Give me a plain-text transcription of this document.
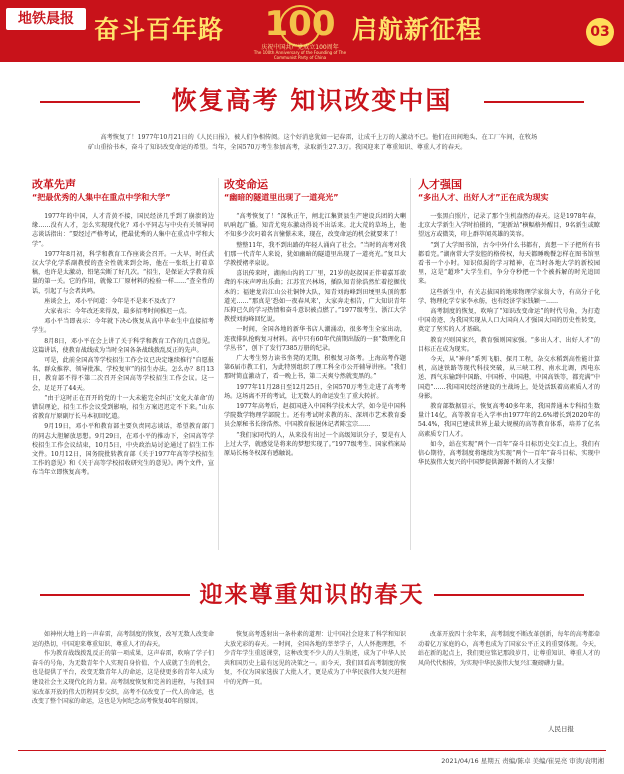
地铁晨报 奋斗百年路	100
庆祝中国共产党成立100周年
The 100th Anniversary of the Founding of The Communist Party of China
启航新征程	03
恢复高考 知识改变中国
高考恢复了！1977年10月21日的《人民日报》，被人们争相传阅。这个好消息犹如一记春雷，让成千上万的人激动不已。他们在田间地头、在工厂车间，在牧场矿山重拾书本，奋斗了知识改变命运的希望。当年，全国570万考生参加高考，录取新生27.3万。我国迎来了尊重知识、尊重人才的春天。
改革先声

“把最优秀的人集中在重点中学和大学”

1977年的中国，人才青黄不接，国民经济几乎到了崩溃的边缘……没有人才，怎么实现现代化？邓小平同志与中央有关领导同志谈话指出：“要经过严格考试，把最优秀的人集中在重点中学和大学”。

1977年8月初，科学和教育工作座谈会召开。一大早，时任武汉大学化学系副教授的查全性就来到会场，他在一张纸上打着草稿，也许是太激动，铅笔尖断了好几次。“招生，是保证大学教育质量的第一关。它的作用，就像工厂原材料的检验一样……”查全性的话，引起了与会者共鸣。

座谈会上，邓小平问道：今年是不是来不及改了？

大家表示：今年改还来得及，最多招考时间推迟一点。

邓小平当即表示：今年就下决心恢复从高中毕业生中直接招考学生。

8月8日，邓小平在会上讲了关于科学和教育工作的几点意见。这篇讲话，使教育战线成为当时全国各条战线拨乱反正的先声。

可是，此前全国高等学校招生工作会议已决定继续推行“自愿报名、群众推荐、领导批准、学校复审”的招生办法。怎么办？8月13日，教育部不得不第二次召开全国高等学校招生工作会议。这一会，足足开了44天。

“由于这时正在召开的党的十一大未能完全纠正‘文化大革命’的错误理论，招生工作会议受到影响，招生方案迟迟定不下来。”山东省教育厅原副厅长马本初回忆道。

9月19日，邓小平和教育部主要负责同志谈话，希望教育部门的同志大胆解放思想。9月29日，在邓小平的推动下，全国高等学校招生工作会议结束，10月5日，中央政治局讨论通过了招生工作文件。10月12日，国务院批转教育部《关于1977年高等学校招生工作的意见》和《关于高等学校招收研究生的意见》。两个文件，宣布当年立即恢复高考。

改变命运

“幽暗的隧道里出现了一道亮光”

“高考恢复了！”深秋正午，闸北江集贤县生产建设兵团的大喇叭响起广播。知青尤宛东激动得说不出话来。北大荒的草场上，他不知多少次叼着名言憧憬未来，现在，改变命运的机会就要来了！

整整11年，我不到出路的年轻人涌向了社会。“当时的高考对我们那一代青年人来说，犹如幽暗的隧道里出现了一道亮光。”复旦大学教授褚孝泉说。

喜讯传来时，湖南山沟的工厂里，21岁的赵叔国正伴着嘉耳欲聋的车床声哼出乐曲；江苏宜兴林场，插队知青徐浩然忙着挖掘伐木的；福建龙岩江山公社铜钟大队，知青刘海峰到田埂里头顶的那道光……“那真是‘恐如一夜春风来’，大家奔走相告，广大知识青年压抑已久的学习热情和奋斗意识被点燃了。”1977级考生、浙江大学教授刘海峰回忆说。

一时间，全国各地的新华书店人潮涌动，很多考生全家出动，连夜排队抢购复习材料。高中只有60年代前期出版的一套“数理化自学丛书”，创下了发行7385万册的纪录。

广大考生努力读书坐凳的无期，积极复习备考。上海高考作题第6届市教工们，为此特别组织了理工科全市公开辅导讲座。“我们那时简直激动了，看一晚上书，第二天爽兮然就变黑的。”

1977年11月28日至12月25日，全国570万考生走进了高考考场。这场离不开的考试，让无数人的命运发生了重大转折。

1977年高考后，赵叔国进入中国科学技术大学，如今是中国科学院数学物理学部院士。还有考试时求教的东、深圳市艺术教育委员会原秘书长徐浩然、中国教育报退休记者陈宝宗……

“我们家同代的人，从来没有出过一个高级知识分子，要是有人上过大学，就感觉是将来的梦想实现了。”1977级考生、国家档案局原局长杨冬权深有感触说。

人才强国

“多出人才、出好人才”正在成为现实

一张黑白照片，记录了那个生机盎然的春天。这是1978年春，北京大学新生入学时拍摄的，“迎新站”横幅格外醒目，9名新生或瞭望远方或微笑，印上群萃闻英雄的笑容。

“到了大学图书馆，古今中外什么书都有，真想一下子把所有书都看完。”湖南常大学发腔的格传权，每天都睡晚餐怎样在图书馆里看书一个小时。知识似渴的学习精神，在当时各地大学的新校园里，这是“超珍”大学生们，争分夺秒把一个个被拆解的时光追回来。

这些新生中，有关志拔国的地球物理学家翁大寺，有高分子化学、物理化学专家李永舫，也有经济学家钱颖一……

高考制度的恢复，吹响了“知识改变命运”的时代号角，为打造中国奇迹、为我国实现从人口大国向人才强国大国的历史性转变，奠定了坚实的人才基础。

教育兴则国家兴，教育强则国家强。“多出人才、出好人才”的目标正在成为现实。

今天，从“神舟”系列飞船、探月工程，杂交水稻到高性能计算机，高速铁路等现代科技突破，从三峡工程、南水北调，西电东送、西气东输到中国路、中国桥、中国港，中国高铁等，都充满“中国造”……我国国民经济建设的主战场上，处处活跃着高素质人才的身影。

教育部数据显示，恢复高考40多年来，我国普通本专科招生数量计14亿，高等教育毛入学率由1977年的2.6%增长到2020年的54.4%，我国已建成世界上最大规模的高等教育体系，培养了亿名高素质专门人才。

如今，站在实现“两个一百年”奋斗目标历史交汇点上，我们有信心期待，高考制度将继续为实现“两个一百年”奋斗目标、实现中华民族伟大复兴的中国梦提供源源不断的人才支撑！

迎来尊重知识的春天

如神州大地上的一声春雷，高考制度的恢复，改写无数人改变命运的热切，中国迎来尊重知识、尊重人才的春天。

作为教育战线拨乱反正的第一项成果，这声春雷，吹响了学子们奋斗的号角，为无数青年个人实现自身价值、个人成就了生的机会，也是提供了平台，改变无数青年人的命运，这是使更多的青年人成为建设社会主义现代化的力量。高考制度恢复和完善的进程，与我们国家改革开放的伟大历程同步交织，高考不仅改变了一代人的命运，也改变了整个国家的命运，这也是为何纪念高考恢复40年的原因。

恢复高考透射出一条朴素的道理：让中国社会迎来了科学和知识大放光彩的春天。一时间，全国各地的莘莘学子，人人怀抱理想，不少青年学生重返课堂，这种改变不少人的人生轨迹，成为了中华人民共和国历史上最有远见的决策之一。而今天，我们回看高考制度的恢复，不仅为国家选拔了大批人才，更是成为了中华民族伟大复兴进程中的光辉一页。

改革开放四十余年来，高考制度不断改革创新，每年的高考都牵动着亿万家庭的心，高考也成为了国家公平正义的重要体现。今天，站在新的起点上，我们更应铭记那段岁月，让尊重知识、尊重人才的风尚代代相传，为实现中华民族伟大复兴汇聚磅礴力量。

人民日报
2021/04/16 星期五 责编/陈卓 美编/崔晃亮 审读/袁明湘
